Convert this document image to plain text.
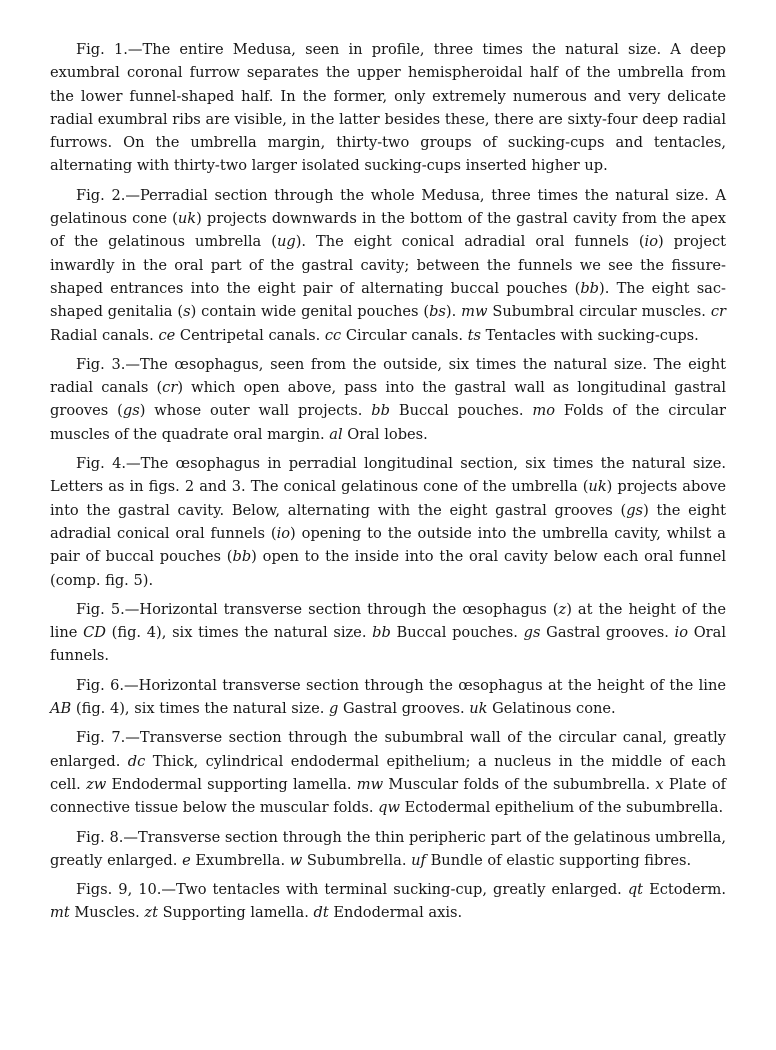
Fig. 1.—The entire Medusa, seen in profile, three times the natural size. A deep exumbral coronal furrow separates the upper hemispheroidal half of the umbrella from the lower funnel-shaped half. In the former, only extremely numerous and very delicate radial exumbral ribs are visible, in the latter besides these, there are sixty-four deep radial furrows. On the umbrella margin, thirty-two groups of sucking-cups and tentacles, alternating with thirty-two larger isolated sucking-cups inserted higher up.

Fig. 2.—Perradial section through the whole Medusa, three times the natural size. A gelatinous cone (uk) projects downwards in the bottom of the gastral cavity from the apex of the gelatinous umbrella (ug). The eight conical adradial oral funnels (io) project inwardly in the oral part of the gastral cavity; between the funnels we see the fissure-shaped entrances into the eight pair of alternating buccal pouches (bb). The eight sac-shaped genitalia (s) contain wide genital pouches (bs). mw Subumbral circular muscles. cr Radial canals. ce Centripetal canals. cc Circular canals. ts Tentacles with sucking-cups.

Fig. 3.—The œsophagus, seen from the outside, six times the natural size. The eight radial canals (cr) which open above, pass into the gastral wall as longitudinal gastral grooves (gs) whose outer wall projects. bb Buccal pouches. mo Folds of the circular muscles of the quadrate oral margin. al Oral lobes.

Fig. 4.—The œsophagus in perradial longitudinal section, six times the natural size. Letters as in figs. 2 and 3. The conical gelatinous cone of the umbrella (uk) projects above into the gastral cavity. Below, alternating with the eight gastral grooves (gs) the eight adradial conical oral funnels (io) opening to the outside into the umbrella cavity, whilst a pair of buccal pouches (bb) open to the inside into the oral cavity below each oral funnel (comp. fig. 5).

Fig. 5.—Horizontal transverse section through the œsophagus (z) at the height of the line CD (fig. 4), six times the natural size. bb Buccal pouches. gs Gastral grooves. io Oral funnels.

Fig. 6.—Horizontal transverse section through the œsophagus at the height of the line AB (fig. 4), six times the natural size. g Gastral grooves. uk Gelatinous cone.

Fig. 7.—Transverse section through the subumbral wall of the circular canal, greatly enlarged. dc Thick, cylindrical endodermal epithelium; a nucleus in the middle of each cell. zw Endodermal supporting lamella. mw Muscular folds of the subumbrella. x Plate of connective tissue below the muscular folds. qw Ectodermal epithelium of the subumbrella.

Fig. 8.—Transverse section through the thin peripheric part of the gelatinous umbrella, greatly enlarged. e Exumbrella. w Subumbrella. uf Bundle of elastic supporting fibres.

Figs. 9, 10.—Two tentacles with terminal sucking-cup, greatly enlarged. qt Ectoderm. mt Muscles. zt Supporting lamella. dt Endodermal axis.
